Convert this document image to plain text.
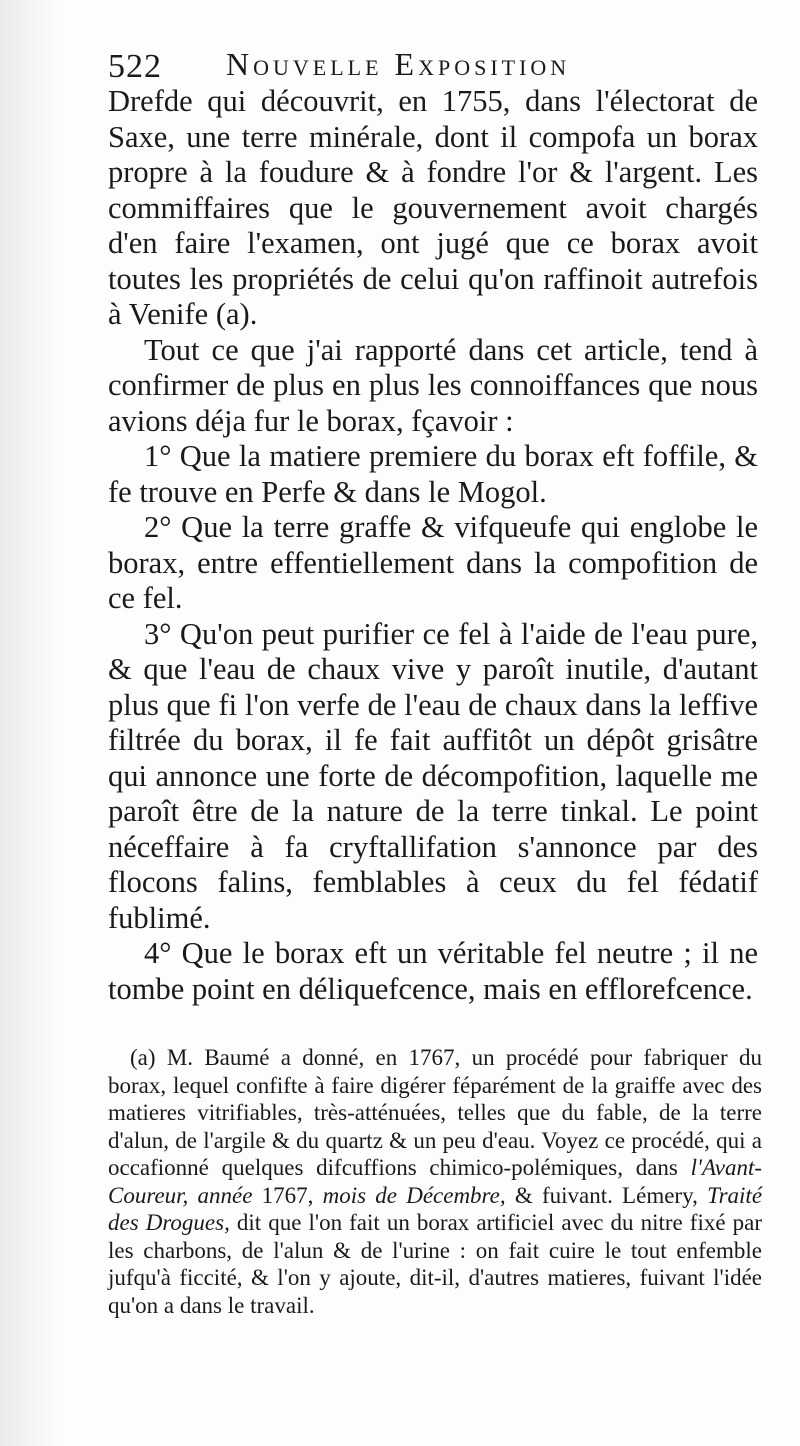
522 Nouvelle Exposition

Drefde qui découvrit, en 1755, dans l'électorat de Saxe, une terre minérale, dont il compofa un borax propre à la foudure & à fondre l'or & l'argent. Les commiffaires que le gouvernement avoit chargés d'en faire l'examen, ont jugé que ce borax avoit toutes les propriétés de celui qu'on raffinoit autrefois à Venife (a).

Tout ce que j'ai rapporté dans cet article, tend à confirmer de plus en plus les connoiffances que nous avions déja fur le borax, fçavoir :

1° Que la matiere premiere du borax eft foffile, & fe trouve en Perfe & dans le Mogol.

2° Que la terre graffe & vifqueufe qui englobe le borax, entre effentiellement dans la compofition de ce fel.

3° Qu'on peut purifier ce fel à l'aide de l'eau pure, & que l'eau de chaux vive y paroît inutile, d'autant plus que fi l'on verfe de l'eau de chaux dans la leffive filtrée du borax, il fe fait auffitôt un dépôt grisâtre qui annonce une forte de décompofition, laquelle me paroît être de la nature de la terre tinkal. Le point néceffaire à fa cryftallifation s'annonce par des flocons falins, femblables à ceux du fel fédatif fublimé.

4° Que le borax eft un véritable fel neutre ; il ne tombe point en déliquefcence, mais en efflorefcence.

(a) M. Baumé a donné, en 1767, un procédé pour fabriquer du borax, lequel confifte à faire digérer féparément de la graiffe avec des matieres vitrifiables, très-atténuées, telles que du fable, de la terre d'alun, de l'argile & du quartz & un peu d'eau. Voyez ce procédé, qui a occafionné quelques difcuffions chimico-polémiques, dans l'Avant-Coureur, année 1767, mois de Décembre, & fuivant. Lémery, Traité des Drogues, dit que l'on fait un borax artificiel avec du nitre fixé par les charbons, de l'alun & de l'urine : on fait cuire le tout enfemble jufqu'à ficcité, & l'on y ajoute, dit-il, d'autres matieres, fuivant l'idée qu'on a dans le travail.
